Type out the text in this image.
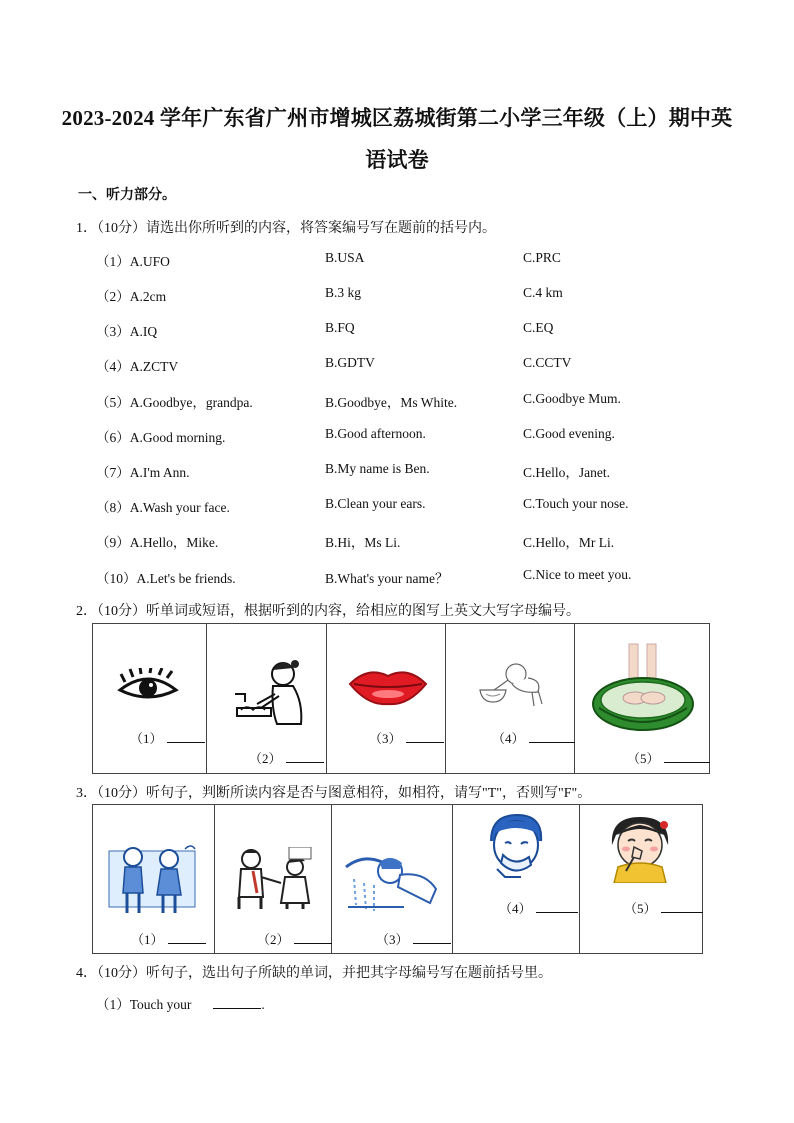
2023-2024 学年广东省广州市增城区荔城街第二小学三年级（上）期中英
语试卷
一、听力部分。
1．（10分）请选出你所听到的内容，将答案编号写在题前的括号内。
（1）A.UFO	B.USA	C.PRC
（2）A.2cm	B.3 kg	C.4 km
（3）A.IQ	B.FQ	C.EQ
（4）A.ZCTV	B.GDTV	C.CCTV
（5）A.Goodbye，grandpa.	B.Goodbye，Ms White.	C.Goodbye Mum.
（6）A.Good morning.	B.Good afternoon.	C.Good evening.
（7）A.I'm Ann.	B.My name is Ben.	C.Hello，Janet.
（8）A.Wash your face.	B.Clean your ears.	C.Touch your nose.
（9）A.Hello，Mike.	B.Hi，Ms Li.	C.Hello，Mr Li.
（10）A.Let's be friends.	B.What's your name？	C.Nice to meet you.
2．（10分）听单词或短语，根据听到的内容，给相应的图写上英文大写字母编号。
（1）

（2）

（3）	（4）

（5）
3．（10分）听句子，判断所读内容是否与图意相符，如相符，请写"T"，否则写"F"。
（1）	（2）	（3）

（4）	（5）
4．（10分）听句子，选出句子所缺的单词，并把其字母编号写在题前括号里。
（1）Touch your	.
